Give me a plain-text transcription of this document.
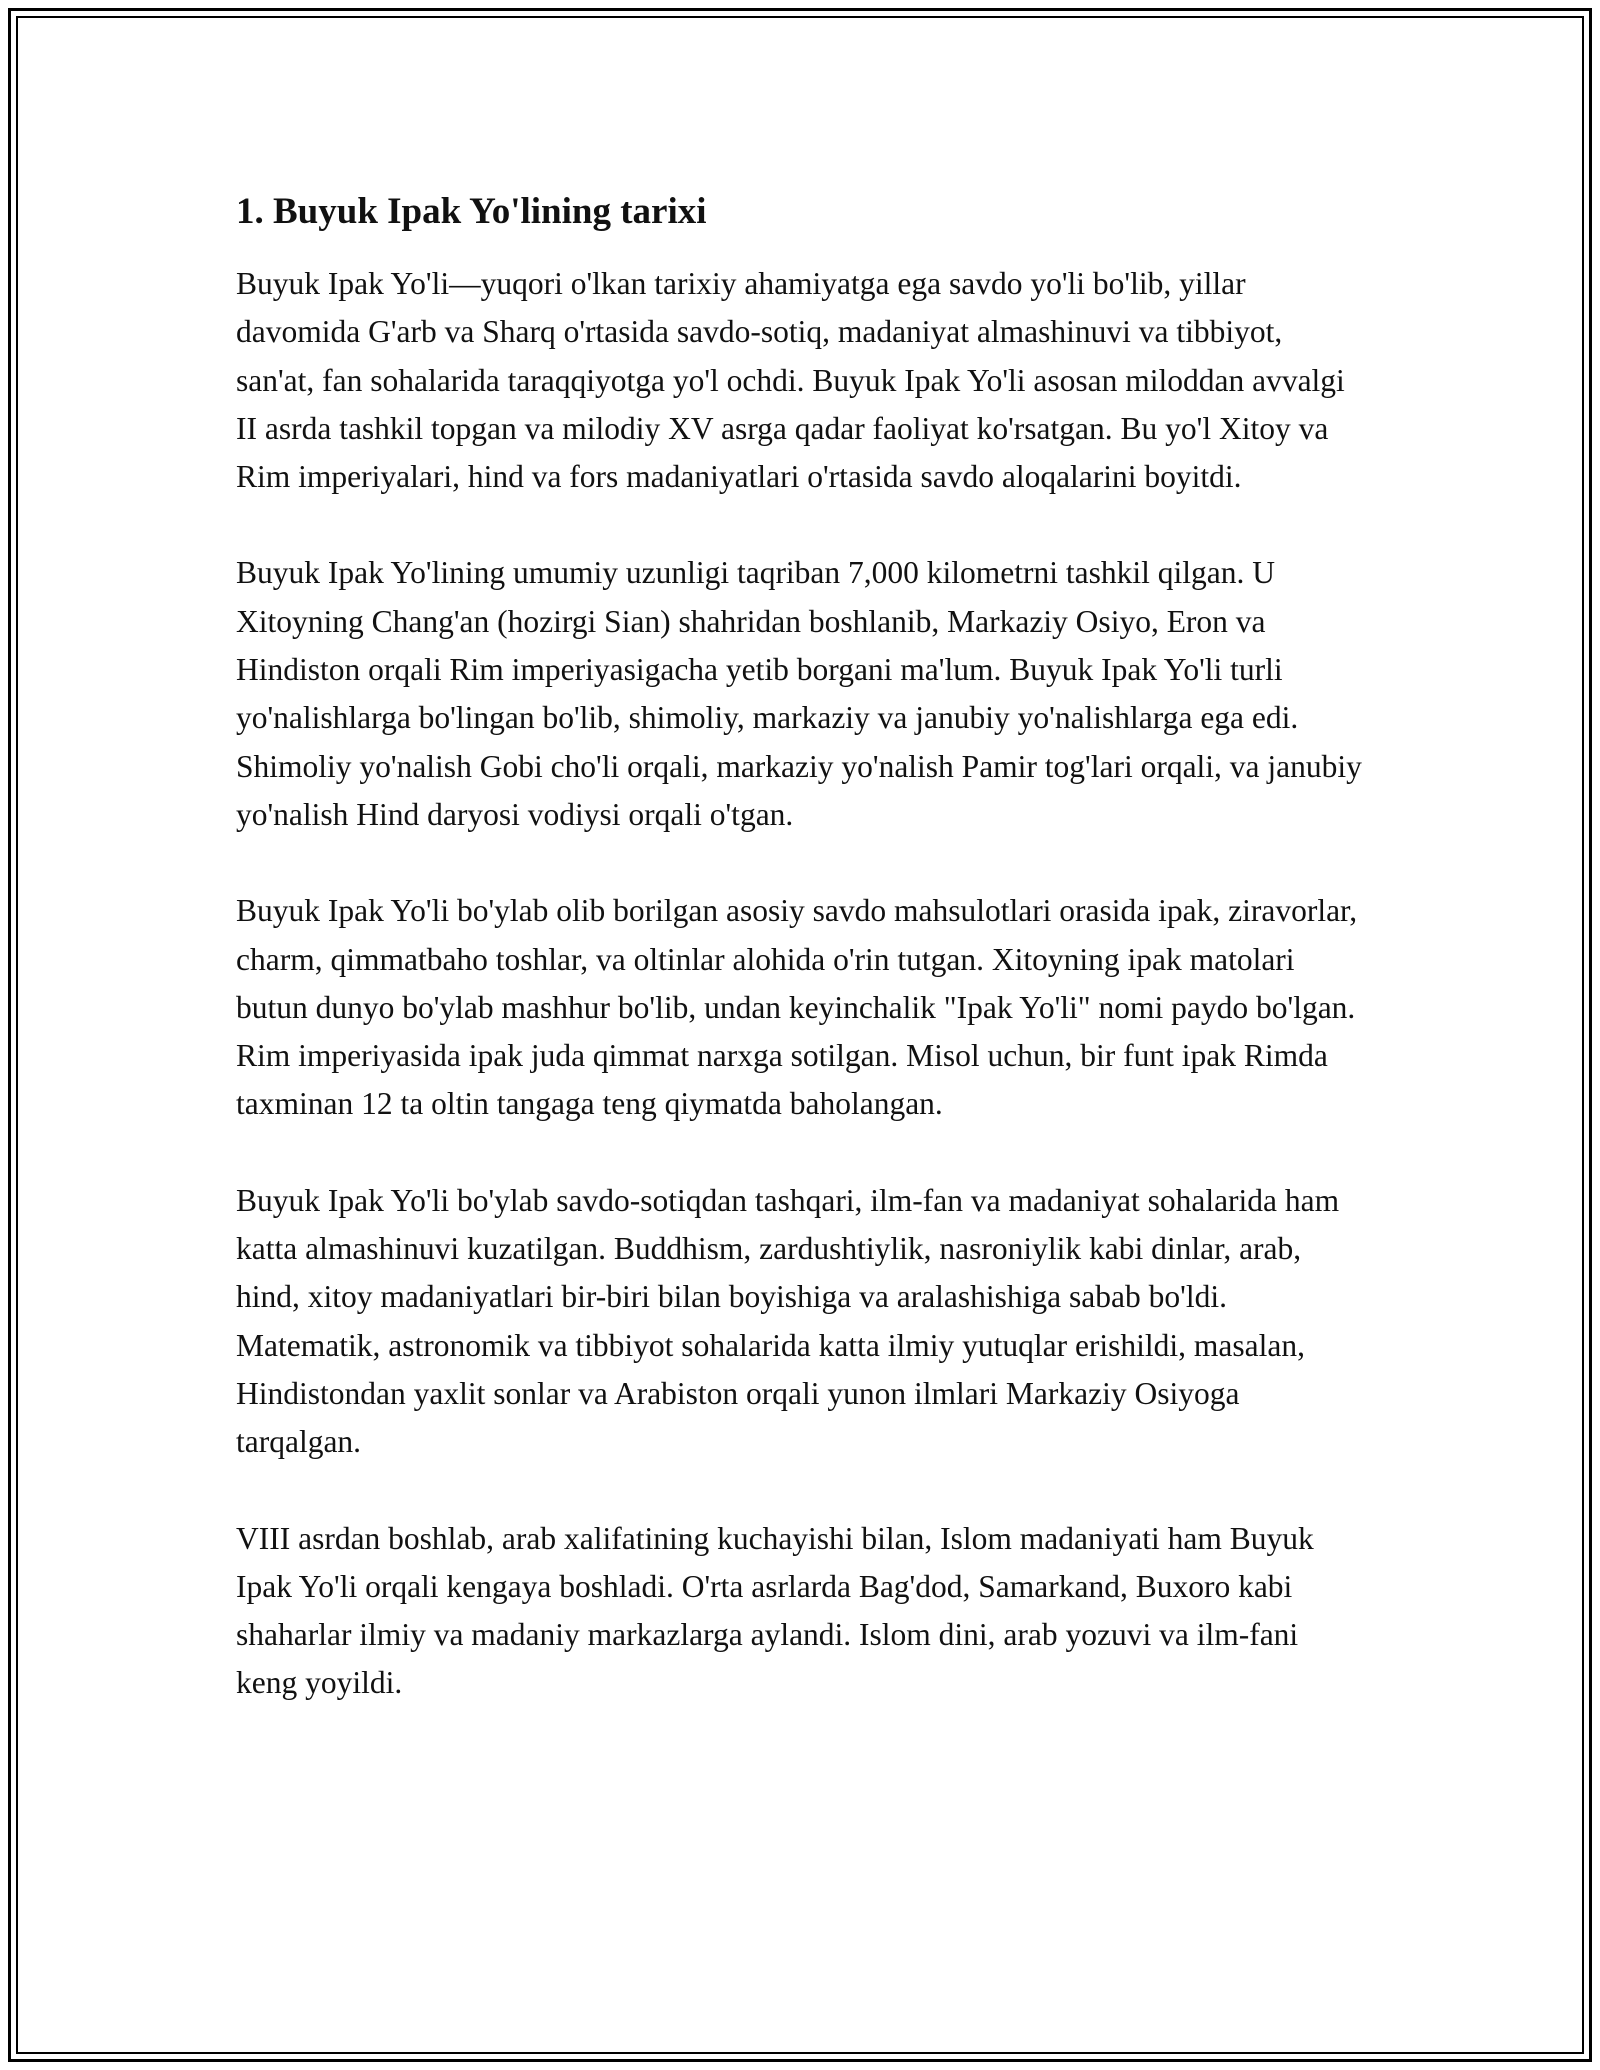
1. Buyuk Ipak Yo'lining tarixi

Buyuk Ipak Yo'li—yuqori o'lkan tarixiy ahamiyatga ega savdo yo'li bo'lib, yillar davomida G'arb va Sharq o'rtasida savdo-sotiq, madaniyat almashinuvi va tibbiyot, san'at, fan sohalarida taraqqiyotga yo'l ochdi. Buyuk Ipak Yo'li asosan miloddan avvalgi II asrda tashkil topgan va milodiy XV asrga qadar faoliyat ko'rsatgan. Bu yo'l Xitoy va Rim imperiyalari, hind va fors madaniyatlari o'rtasida savdo aloqalarini boyitdi.

Buyuk Ipak Yo'lining umumiy uzunligi taqriban 7,000 kilometrni tashkil qilgan. U Xitoyning Chang'an (hozirgi Sian) shahridan boshlanib, Markaziy Osiyo, Eron va Hindiston orqali Rim imperiyasigacha yetib borgani ma'lum. Buyuk Ipak Yo'li turli yo'nalishlarga bo'lingan bo'lib, shimoliy, markaziy va janubiy yo'nalishlarga ega edi. Shimoliy yo'nalish Gobi cho'li orqali, markaziy yo'nalish Pamir tog'lari orqali, va janubiy yo'nalish Hind daryosi vodiysi orqali o'tgan.

Buyuk Ipak Yo'li bo'ylab olib borilgan asosiy savdo mahsulotlari orasida ipak, ziravorlar, charm, qimmatbaho toshlar, va oltinlar alohida o'rin tutgan. Xitoyning ipak matolari butun dunyo bo'ylab mashhur bo'lib, undan keyinchalik "Ipak Yo'li" nomi paydo bo'lgan. Rim imperiyasida ipak juda qimmat narxga sotilgan. Misol uchun, bir funt ipak Rimda taxminan 12 ta oltin tangaga teng qiymatda baholangan.

Buyuk Ipak Yo'li bo'ylab savdo-sotiqdan tashqari, ilm-fan va madaniyat sohalarida ham katta almashinuvi kuzatilgan. Buddhism, zardushtiylik, nasroniylik kabi dinlar, arab, hind, xitoy madaniyatlari bir-biri bilan boyishiga va aralashishiga sabab bo'ldi. Matematik, astronomik va tibbiyot sohalarida katta ilmiy yutuqlar erishildi, masalan, Hindistondan yaxlit sonlar va Arabiston orqali yunon ilmlari Markaziy Osiyoga tarqalgan.

VIII asrdan boshlab, arab xalifatining kuchayishi bilan, Islom madaniyati ham Buyuk Ipak Yo'li orqali kengaya boshladi. O'rta asrlarda Bag'dod, Samarkand, Buxoro kabi shaharlar ilmiy va madaniy markazlarga aylandi. Islom dini, arab yozuvi va ilm-fani keng yoyildi.
